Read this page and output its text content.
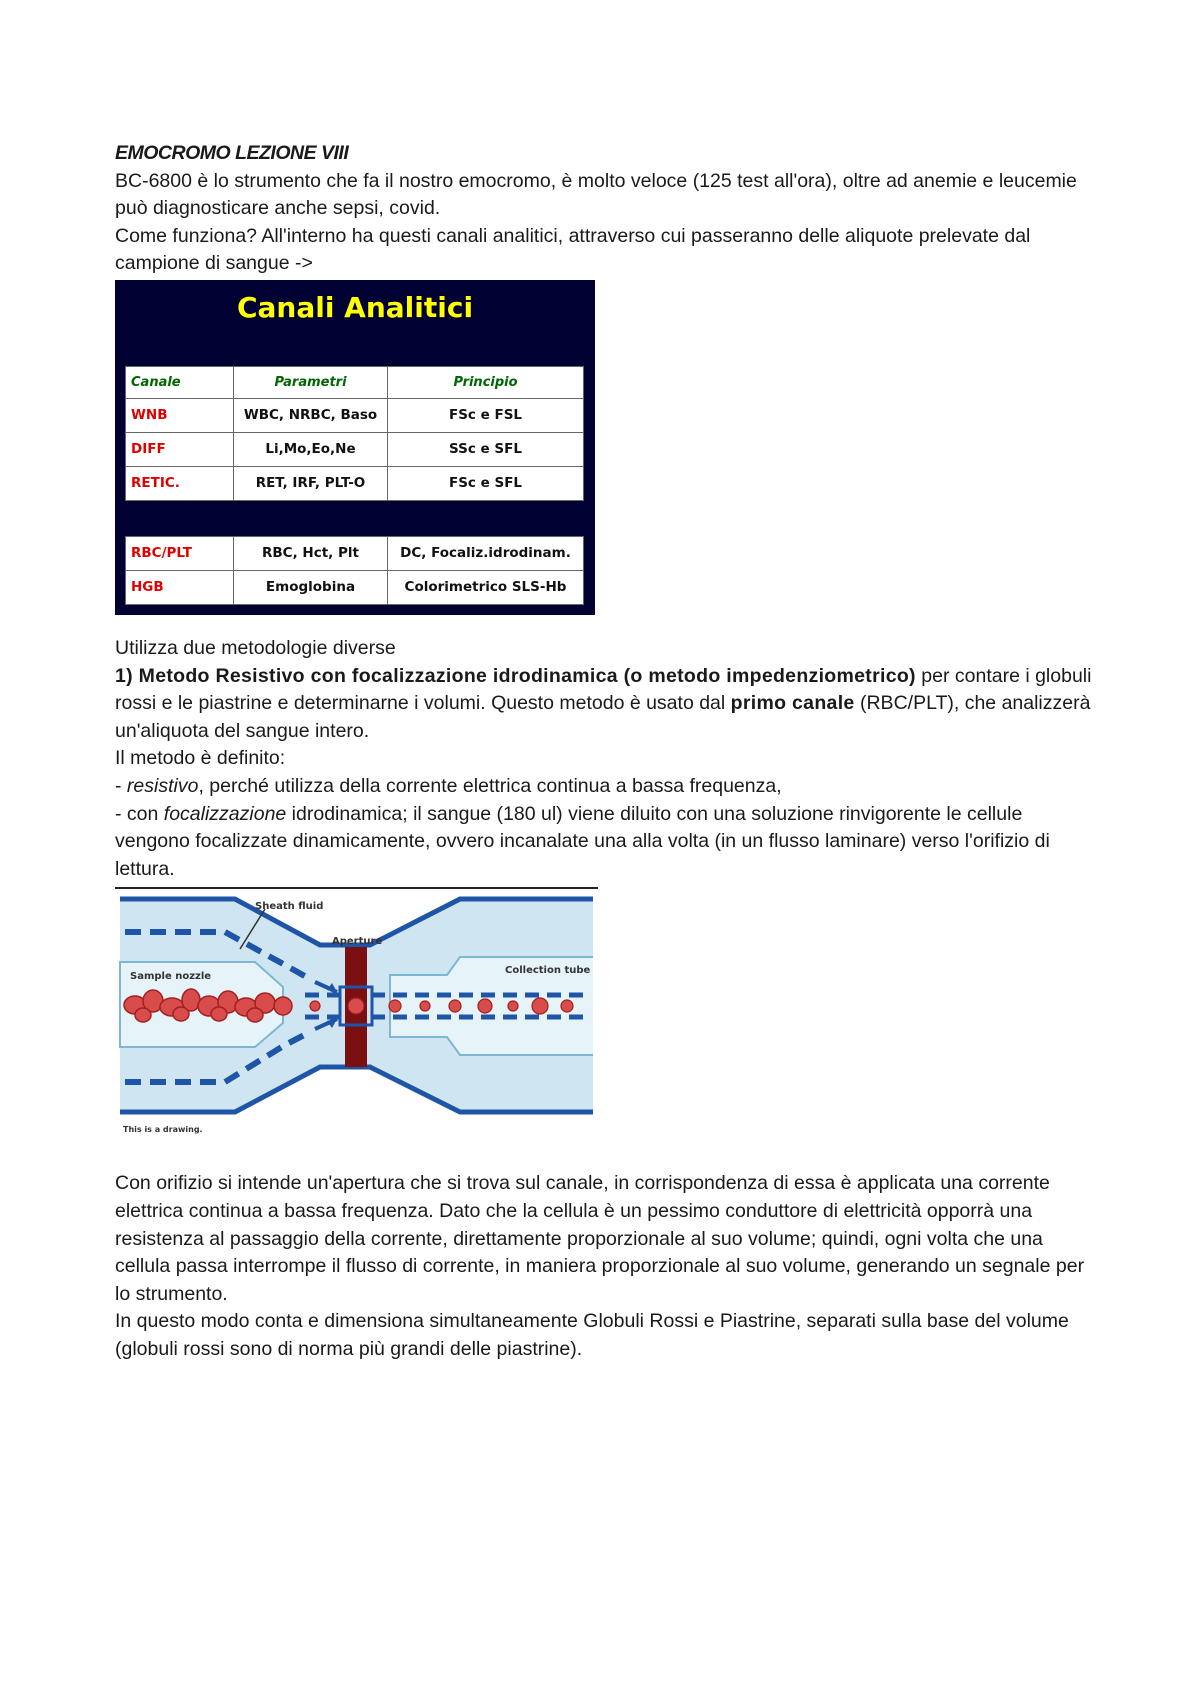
EMOCROMO LEZIONE VIII

BC-6800 è lo strumento che fa il nostro emocromo, è molto veloce (125 test all'ora), oltre ad anemie e leucemie può diagnosticare anche sepsi, covid.

Come funziona? All'interno ha questi canali analitici, attraverso cui passeranno delle aliquote prelevate dal campione di sangue ->

Canali Analitici
Canale	Parametri	Principio
WNB	WBC, NRBC, Baso	FSc e FSL
DIFF	Li,Mo,Eo,Ne	SSc e SFL
RETIC.	RET, IRF, PLT-O	FSc e SFL
RBC/PLT	RBC, Hct, Plt	DC, Focaliz.idrodinam.
HGB	Emoglobina	Colorimetrico SLS-Hb

Utilizza due metodologie diverse

1) Metodo Resistivo con focalizzazione idrodinamica (o metodo impedenziometrico) per contare i globuli rossi e le piastrine e determinarne i volumi. Questo metodo è usato dal primo canale (RBC/PLT), che analizzerà un'aliquota del sangue intero.

Il metodo è definito:

- resistivo, perché utilizza della corrente elettrica continua a bassa frequenza,

- con focalizzazione idrodinamica; il sangue (180 ul) viene diluito con una soluzione rinvigorente le cellule vengono focalizzate dinamicamente, ovvero incanalate una alla volta (in un flusso laminare) verso l'orifizio di lettura.

Sheath fluid
Aperture
Sample nozzle
Collection tube
This is a drawing.

Con orifizio si intende un'apertura che si trova sul canale, in corrispondenza di essa è applicata una corrente elettrica continua a bassa frequenza. Dato che la cellula è un pessimo conduttore di elettricità opporrà una resistenza al passaggio della corrente, direttamente proporzionale al suo volume; quindi, ogni volta che una cellula passa interrompe il flusso di corrente, in maniera proporzionale al suo volume, generando un segnale per lo strumento.

In questo modo conta e dimensiona simultaneamente Globuli Rossi e Piastrine, separati sulla base del volume (globuli rossi sono di norma più grandi delle piastrine).
